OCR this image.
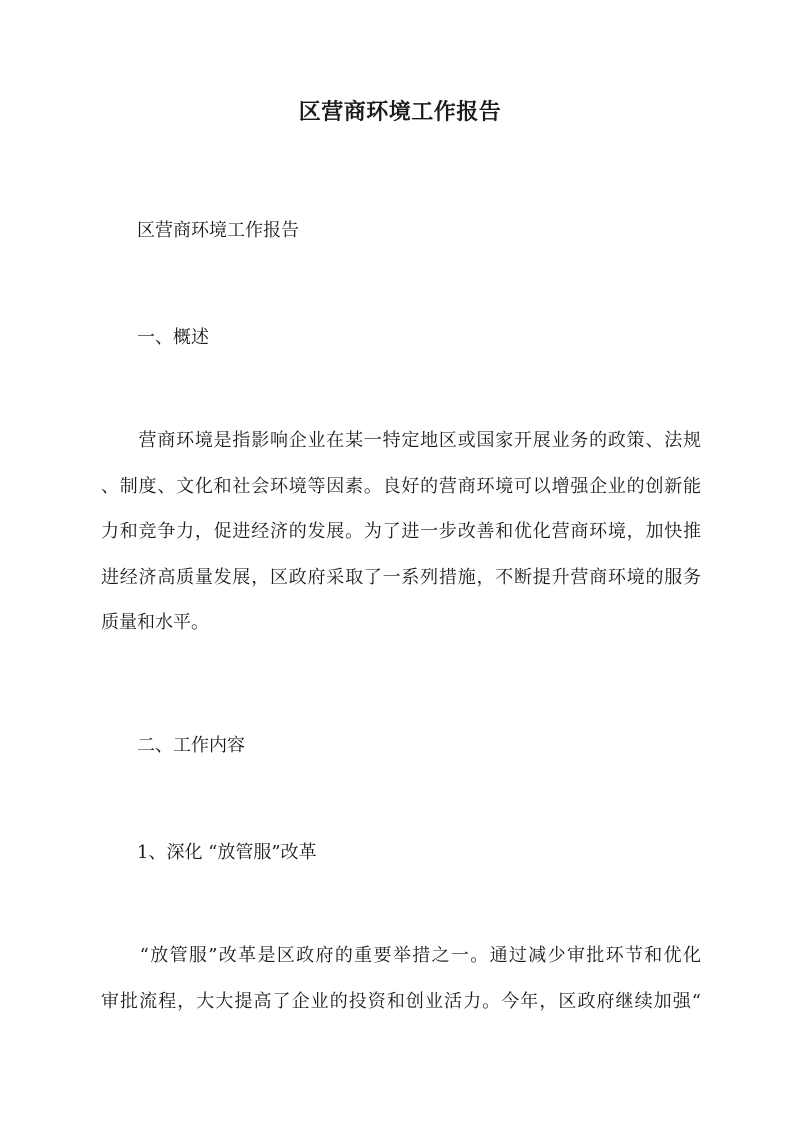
区营商环境工作报告

区营商环境工作报告

一、概述

　　营商环境是指影响企业在某一特定地区或国家开展业务的政策、法规
、制度、文化和社会环境等因素。良好的营商环境可以增强企业的创新能
力和竞争力，促进经济的发展。为了进一步改善和优化营商环境，加快推
进经济高质量发展，区政府采取了一系列措施，不断提升营商环境的服务
质量和水平。

二、工作内容

1、深化 “放管服”改革

　　“放管服”改革是区政府的重要举措之一。通过减少审批环节和优化
审批流程，大大提高了企业的投资和创业活力。今年，区政府继续加强“
